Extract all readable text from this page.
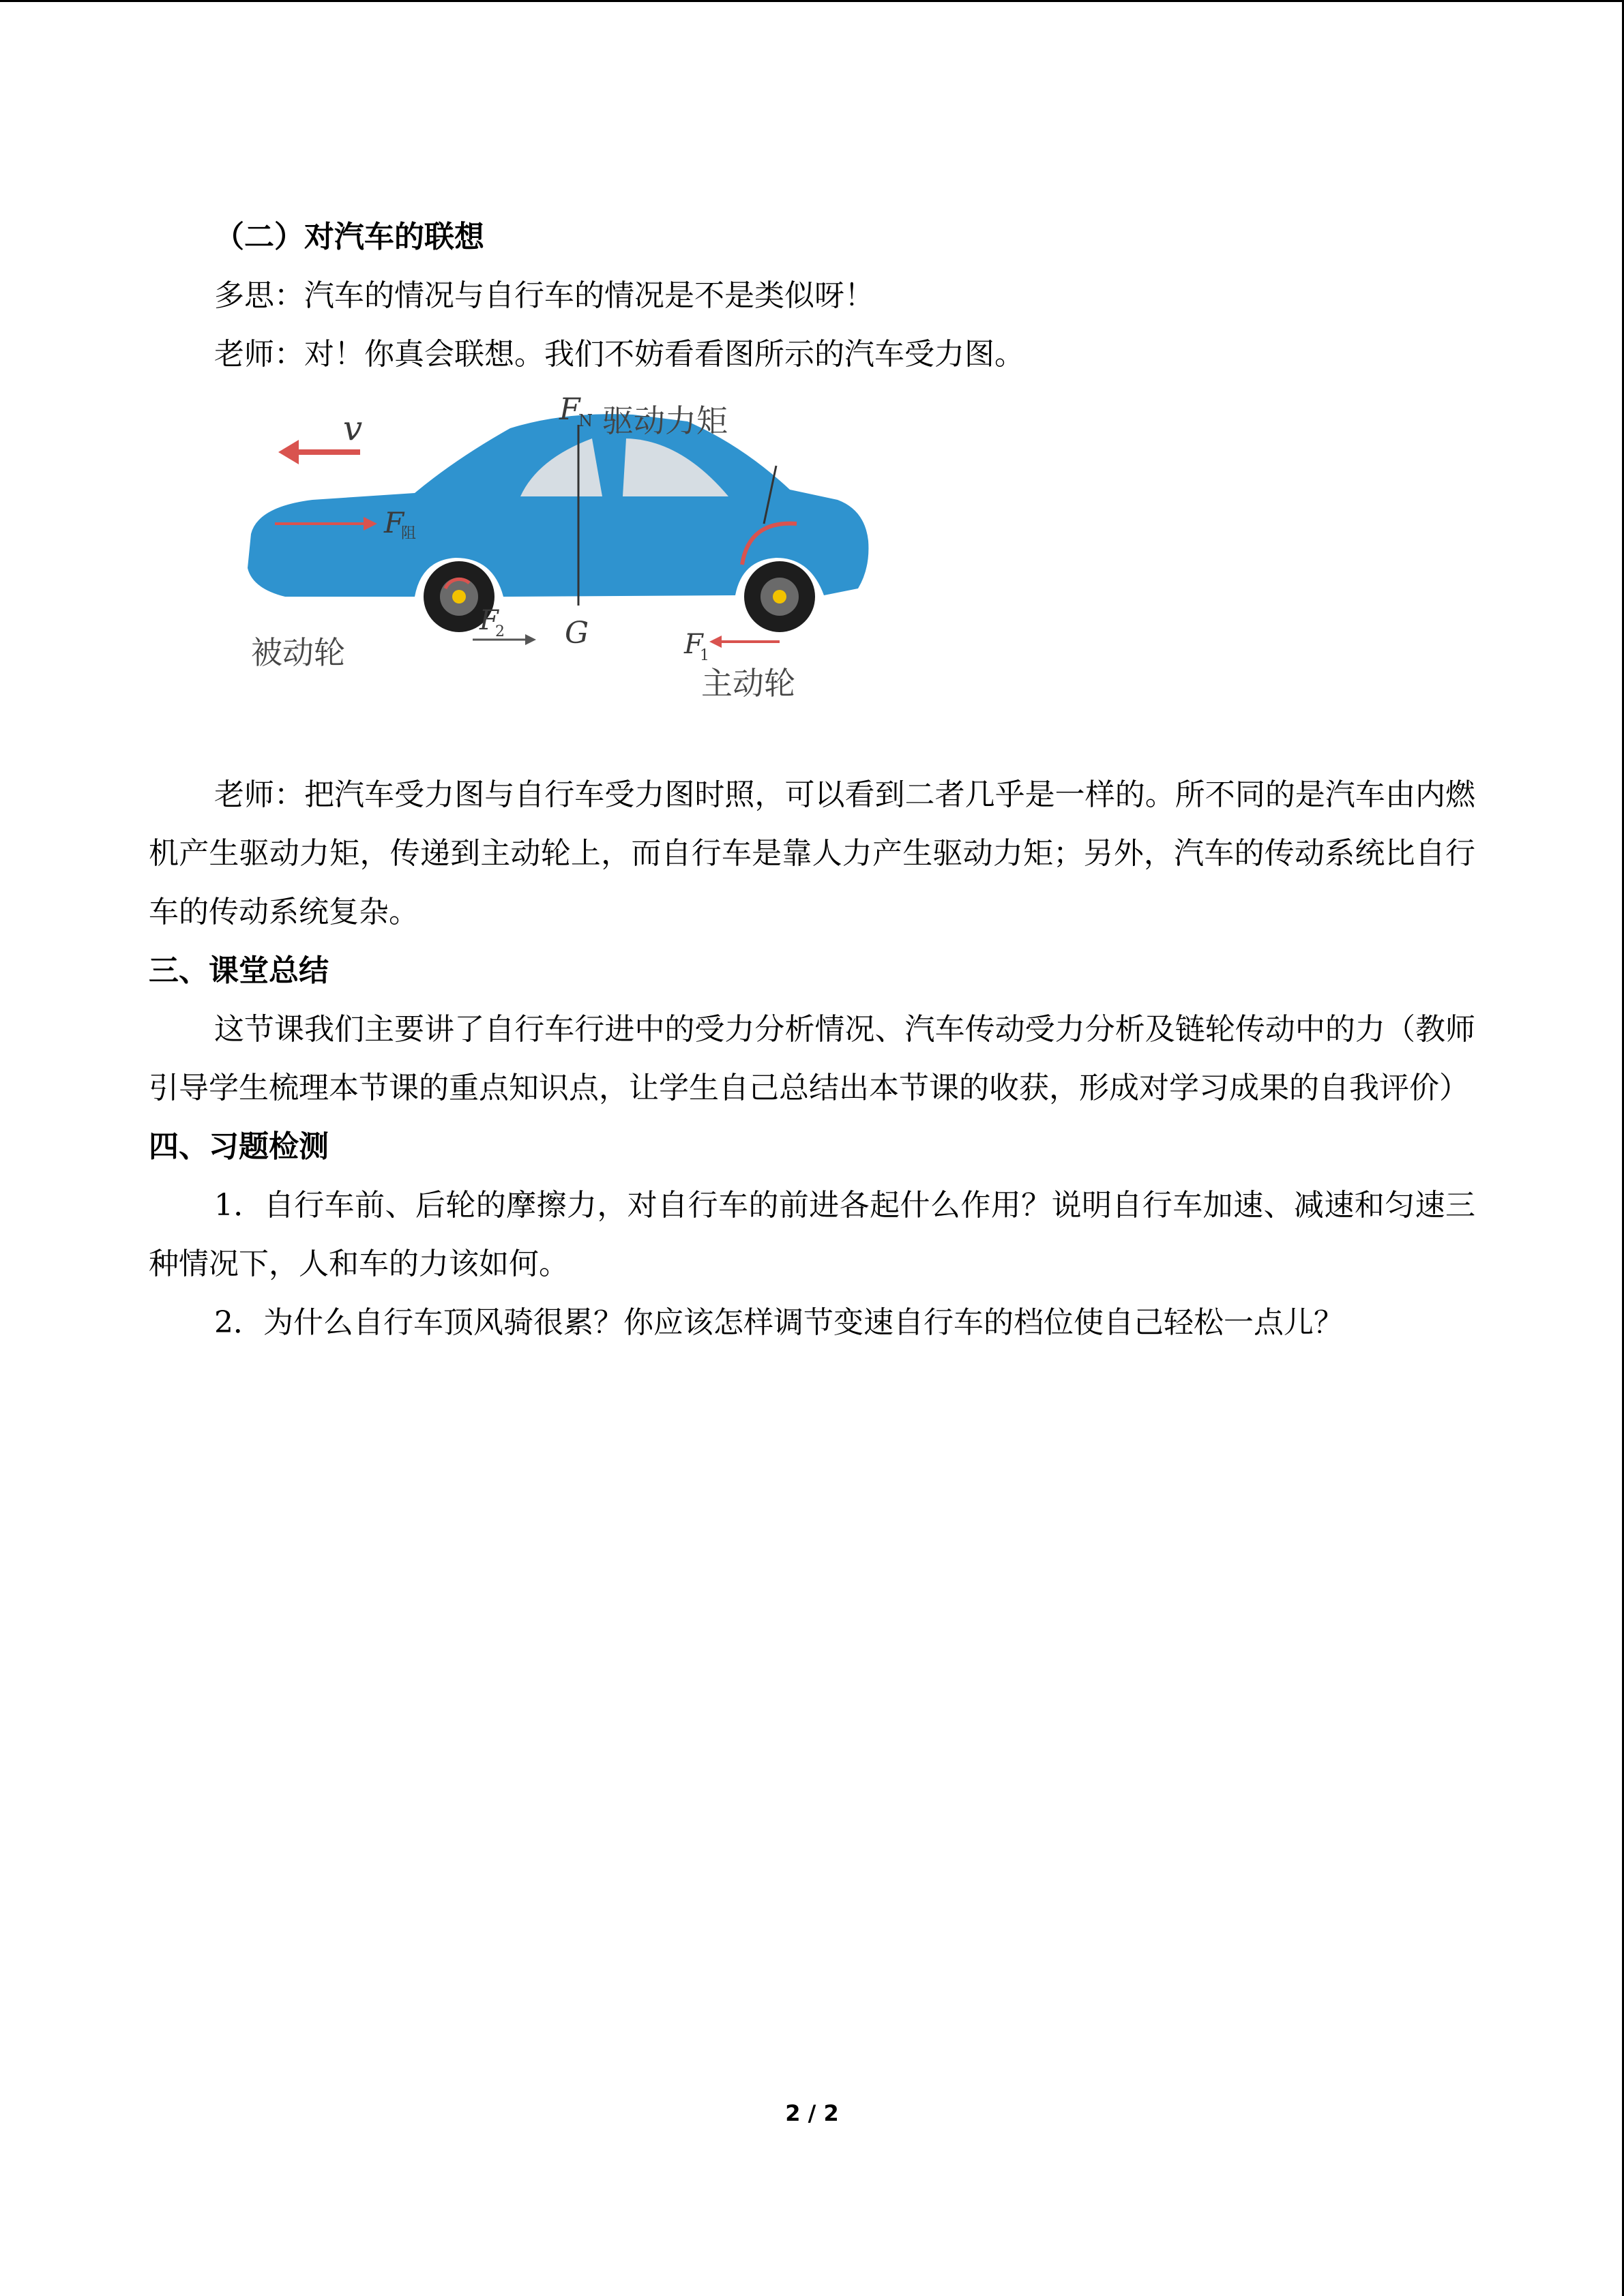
（二）对汽车的联想

多思：汽车的情况与自行车的情况是不是类似呀！

老师：对！你真会联想。我们不妨看看图所示的汽车受力图。

v	F
N 驱动力矩
F
阻
G
F
2	F
1
被动轮
主动轮

老师：把汽车受力图与自行车受力图时照，可以看到二者几乎是一样的。所不同的是汽车由内燃机产生驱动力矩，传递到主动轮上，而自行车是靠人力产生驱动力矩；另外，汽车的传动系统比自行车的传动系统复杂。

三、课堂总结

这节课我们主要讲了自行车行进中的受力分析情况、汽车传动受力分析及链轮传动中的力（教师引导学生梳理本节课的重点知识点，让学生自己总结出本节课的收获，形成对学习成果的自我评价）

四、习题检测

1．自行车前、后轮的摩擦力，对自行车的前进各起什么作用？说明自行车加速、减速和匀速三种情况下，人和车的力该如何。

2．为什么自行车顶风骑很累？你应该怎样调节变速自行车的档位使自己轻松一点儿？

2 / 2
